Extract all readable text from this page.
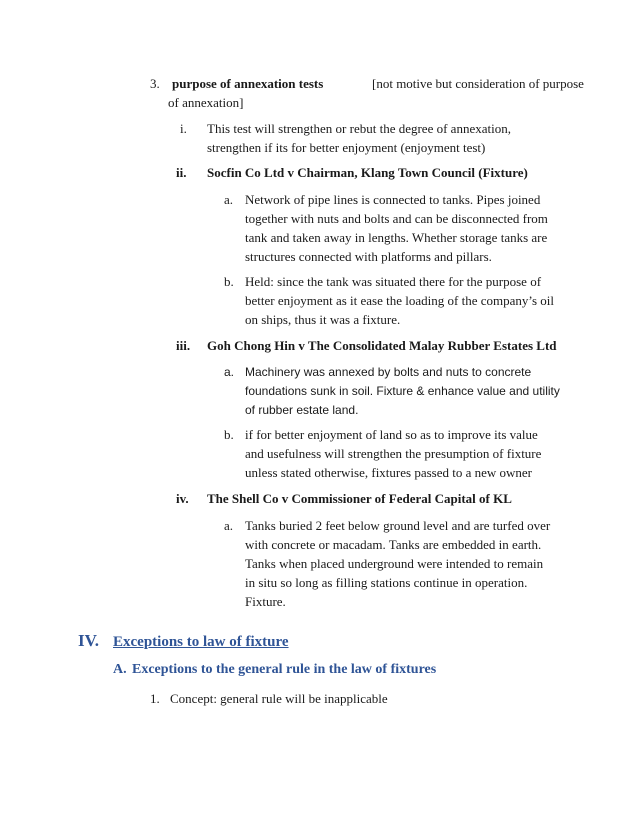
3. purpose of annexation tests	[not motive but consideration of purpose
of annexation]
i. This test will strengthen or rebut the degree of annexation,
strengthen if its for better enjoyment (enjoyment test)
ii. Socfin Co Ltd v Chairman, Klang Town Council (Fixture)
a. Network of pipe lines is connected to tanks. Pipes joined
together with nuts and bolts and can be disconnected from
tank and taken away in lengths. Whether storage tanks are
structures connected with platforms and pillars.
b. Held: since the tank was situated there for the purpose of
better enjoyment as it ease the loading of the company’s oil
on ships, thus it was a fixture.
iii. Goh Chong Hin v The Consolidated Malay Rubber Estates Ltd
a. Machinery was annexed by bolts and nuts to concrete
foundations sunk in soil. Fixture & enhance value and utility
of rubber estate land.
b. if for better enjoyment of land so as to improve its value
and usefulness will strengthen the presumption of fixture
unless stated otherwise, fixtures passed to a new owner
iv. The Shell Co v Commissioner of Federal Capital of KL
a. Tanks buried 2 feet below ground level and are turfed over
with concrete or macadam. Tanks are embedded in earth.
Tanks when placed underground were intended to remain
in situ so long as filling stations continue in operation.
Fixture.
IV. Exceptions to law of fixture
A. Exceptions to the general rule in the law of fixtures
1. Concept: general rule will be inapplicable
